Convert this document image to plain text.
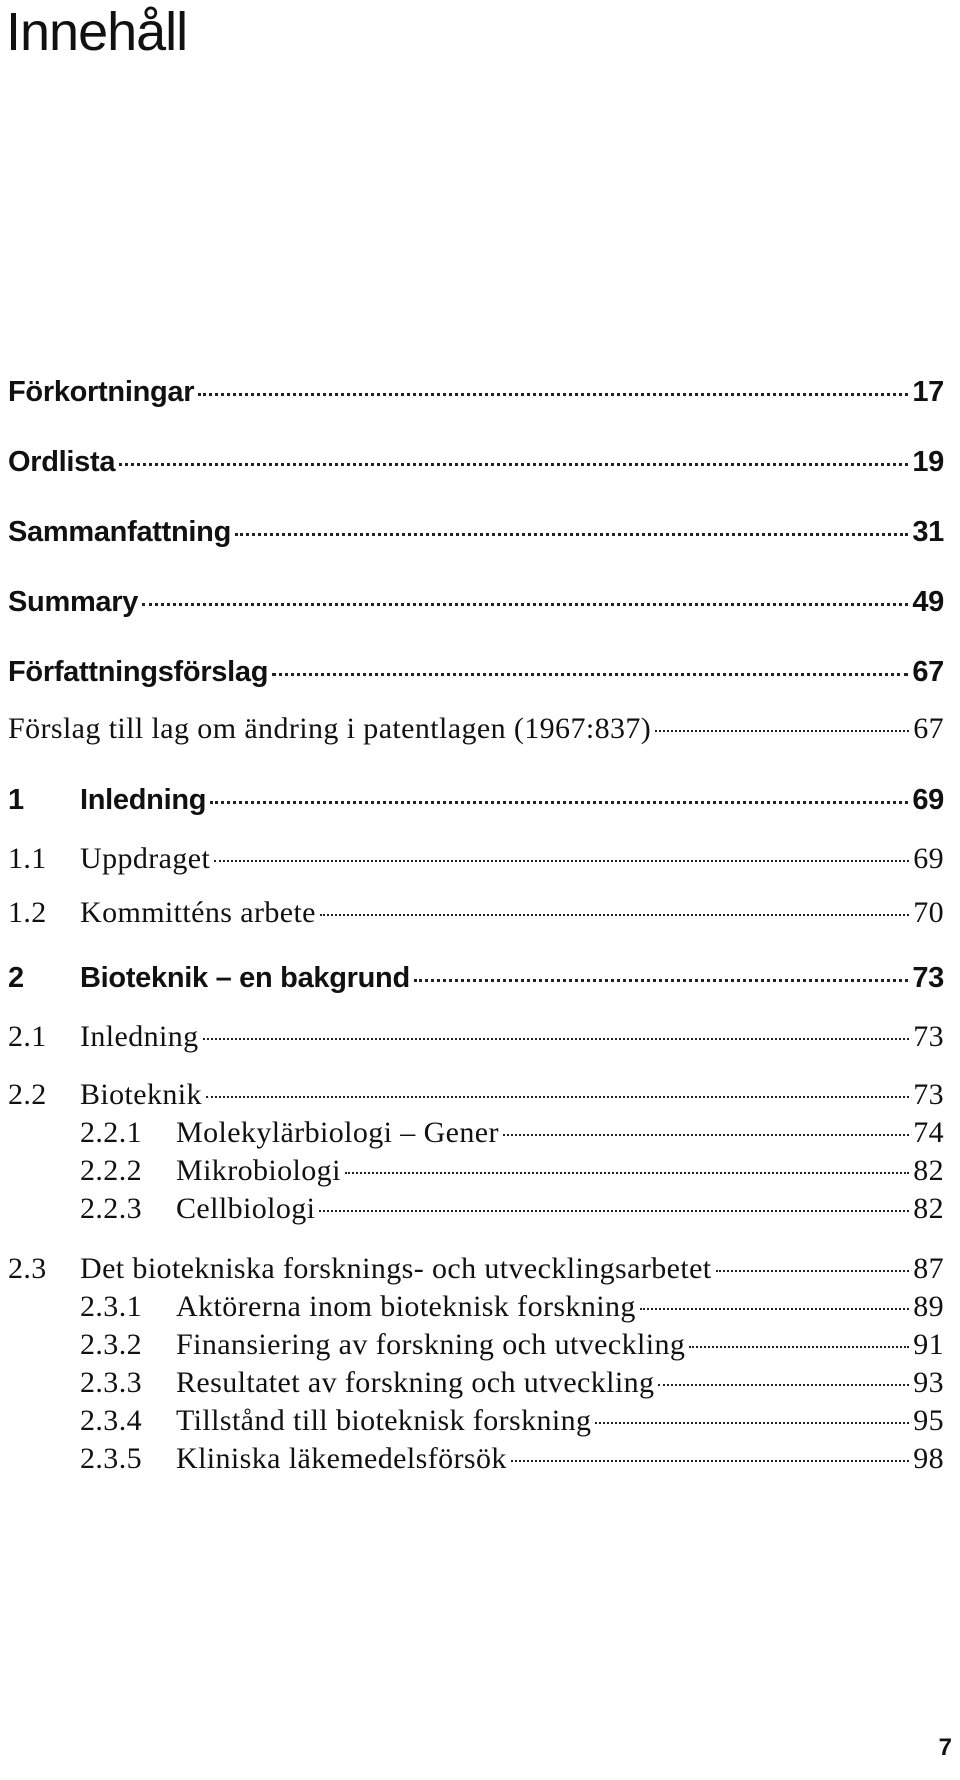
Innehåll
Förkortningar	17
Ordlista	19
Sammanfattning	31
Summary	49
Författningsförslag	67
Förslag till lag om ändring i patentlagen (1967:837)	67
1	Inledning	69
1.1	Uppdraget	69
1.2	Kommitténs arbete	70
2	Bioteknik – en bakgrund	73
2.1	Inledning	73
2.2	Bioteknik	73
2.2.1	Molekylärbiologi – Gener	74
2.2.2	Mikrobiologi	82
2.2.3	Cellbiologi	82
2.3	Det biotekniska forsknings- och utvecklingsarbetet	87
2.3.1	Aktörerna inom bioteknisk forskning	89
2.3.2	Finansiering av forskning och utveckling	91
2.3.3	Resultatet av forskning och utveckling	93
2.3.4	Tillstånd till bioteknisk forskning	95
2.3.5	Kliniska läkemedelsförsök	98
7
